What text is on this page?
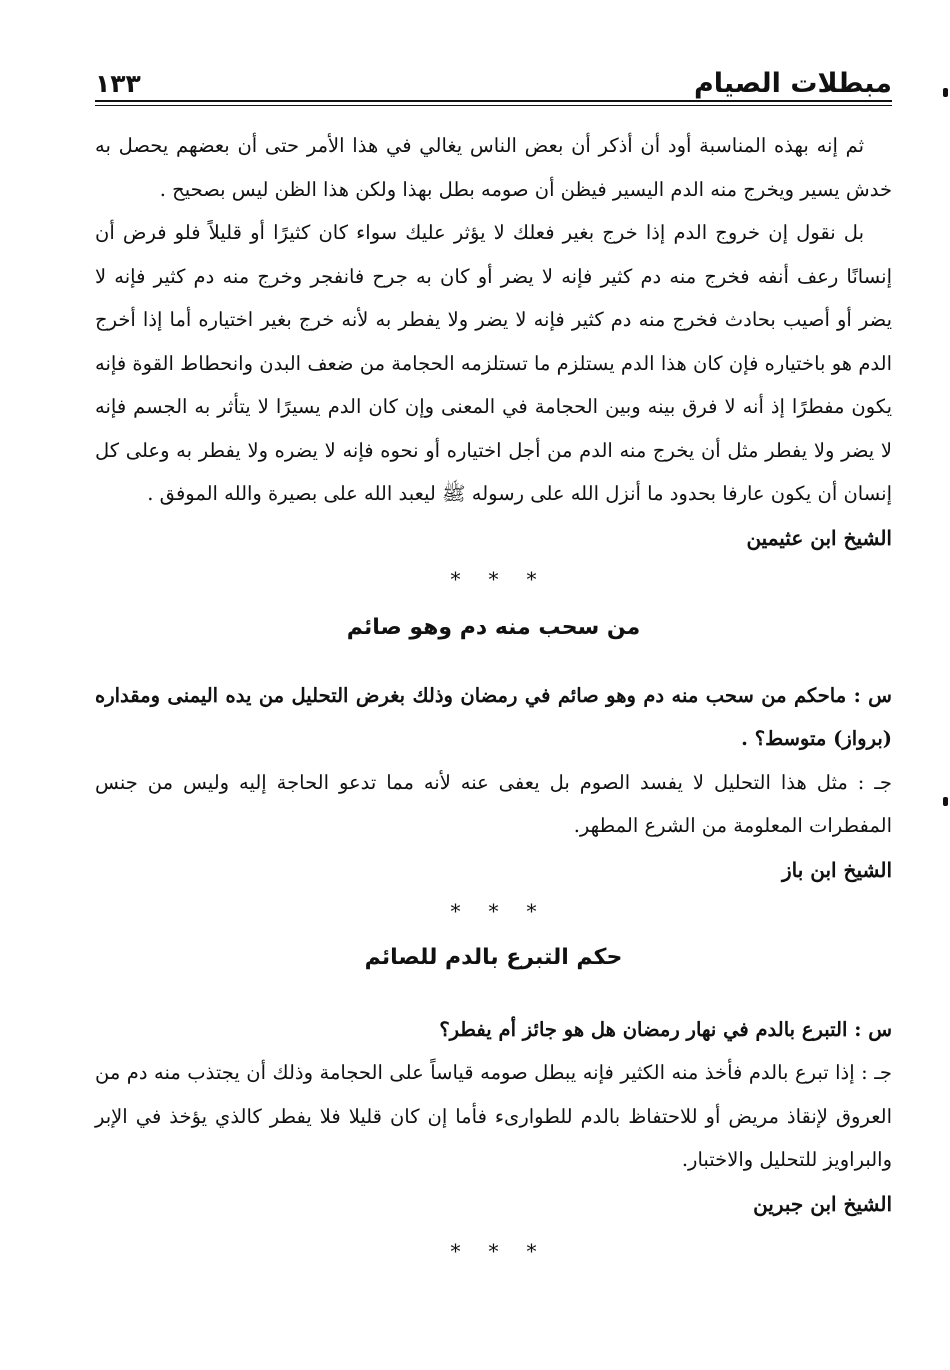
مبطلات الصيام
١٣٣

ثم إنه بهذه المناسبة أود أن أذكر أن بعض الناس يغالي في هذا الأمر حتى أن بعضهم يحصل به خدش يسير ويخرج منه الدم اليسير فيظن أن صومه بطل بهذا ولكن هذا الظن ليس بصحيح .

بل نقول إن خروج الدم إذا خرج بغير فعلك لا يؤثر عليك سواء كان كثيرًا أو قليلاً فلو فرض أن إنسانًا رعف أنفه فخرج منه دم كثير فإنه لا يضر أو كان به جرح فانفجر وخرج منه دم كثير فإنه لا يضر أو أصيب بحادث فخرج منه دم كثير فإنه لا يضر ولا يفطر به لأنه خرج بغير اختياره أما إذا أخرج الدم هو باختياره فإن كان هذا الدم يستلزم ما تستلزمه الحجامة من ضعف البدن وانحطاط القوة فإنه يكون مفطرًا إذ أنه لا فرق بينه وبين الحجامة في المعنى وإن كان الدم يسيرًا لا يتأثر به الجسم فإنه لا يضر ولا يفطر مثل أن يخرج منه الدم من أجل اختياره أو نحوه فإنه لا يضره ولا يفطر به وعلى كل إنسان أن يكون عارفا بحدود ما أنزل الله على رسوله ﷺ ليعبد الله على بصيرة والله الموفق .

الشيخ ابن عثيمين
***
من سحب منه دم وهو صائم

س : ماحكم من سحب منه دم وهو صائم في رمضان وذلك بغرض التحليل من يده اليمنى ومقداره (برواز) متوسط؟ .

جـ : مثل هذا التحليل لا يفسد الصوم بل يعفى عنه لأنه مما تدعو الحاجة إليه وليس من جنس المفطرات المعلومة من الشرع المطهر.

الشيخ ابن باز
***
حكم التبرع بالدم للصائم

س : التبرع بالدم في نهار رمضان هل هو جائز أم يفطر؟

جـ : إذا تبرع بالدم فأخذ منه الكثير فإنه يبطل صومه قياساً على الحجامة وذلك أن يجتذب منه دم من العروق لإنقاذ مريض أو للاحتفاظ بالدم للطوارىء فأما إن كان قليلا فلا يفطر كالذي يؤخذ في الإبر والبراويز للتحليل والاختبار.

الشيخ ابن جبرين
***
